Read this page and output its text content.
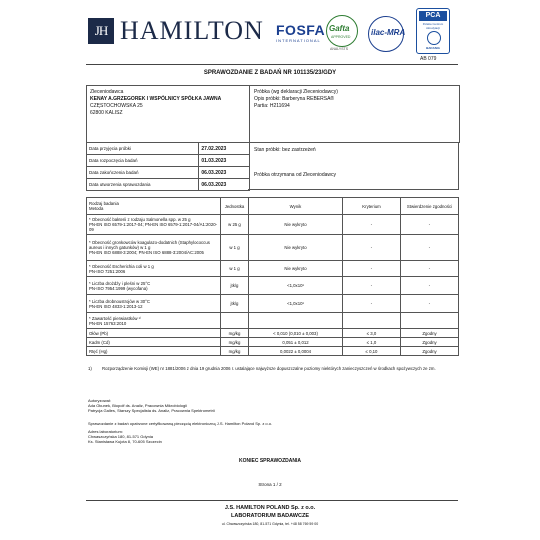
JH HAMILTON FOSFA
INTERNATIONAL
Gafta
APPROVED
ANALYSTS
ilac-MRA
PCA
Polskie Centrum Akredytacji
BADANIA
AB 079
SPRAWOZDANIE Z BADAŃ NR 101135/23/GDY
Zleceniodawca
KENAY A.GRZEGOREK I WSPÓLNICY SPÓŁKA JAWNA
CZĘSTOCHOWSKA 25
62800 KALISZ
Próbka (wg deklaracji Zleceniodawcy)
Opis próbki: Barberyna REBERSA®
Partia: H211694
Data przyjęcia próbki	27.02.2023
Data rozpoczęcia badań	01.03.2023
Data zakończenia badań	06.03.2023
Data utworzenia sprawozdania	06.03.2023
Stan próbki: bez zastrzeżeń
Próbka otrzymana od Zleceniodawcy
Rodzaj badania
Metoda	Jednostka	Wynik	Kryterium	Stwierdzenie zgodności
* Obecność bakterii z rodzaju Salmonella spp. w 25 g
PN-EN ISO 6579-1:2017-04; PN-EN ISO 6579-1:2017-04/A1:2020-09	w 25 g	Nie wykryto	-	-
* Obecność gronkowców koagulazo-dodatnich (Staphylococcus aureus i innych gatunków) w 1 g
PN-EN ISO 6888-3:2004; PN-EN ISO 6888-3:2004/AC:2005	w 1 g	Nie wykryto	-	-
* Obecność Escherichia coli w 1 g
PN-ISO 7251:2006	w 1 g	Nie wykryto	-	-
* Liczba drożdży i pleśni w 25°C
PN-ISO 7954:1999 (wycofana)	jtk/g	<1,0x10¹	-	-
* Liczba drobnoustrojów w 30°C
PN-EN ISO 4833-1:2013-12	jtk/g	<1,0x10¹	-	-
* Zawartość pierwiastków ¹⁾
PN-EN 15763:2010				
Ołów (Pb)	mg/kg	< 0,010 (0,010 ± 0,003)	≤ 3,0	Zgodny
Kadm (Cd)	mg/kg	0,051 ± 0,012	≤ 1,0	Zgodny
Rtęć (Hg)	mg/kg	0,0022 ± 0,0004	≤ 0,10	Zgodny
1) Rozporządzenie Komisji (WE) nr 1881/2006 z dnia 19 grudnia 2006 r. ustalające najwyższe dopuszczalne poziomy niektórych zanieczyszczeń w środkach spożywczych ze zm.
Autoryzował:
Ada Okunek, Biopolf ds. Analiz, Pracownia Mikrobiologii
Patrycja Galles, Starszy Specjalista ds. Analiz, Pracownia Spektrometrii
Sprawozdanie z badań opatrzone certyfikowaną pieczęcią elektroniczną J.S. Hamilton Poland Sp. z o.o.
Adres laboratorium:
Chwaszczyńska 180, 81-571 Gdynia
Ks. Stanisława Kujota 8, 70-605 Szczecin
KONIEC SPRAWOZDANIA
Strona 1 / 2
J.S. HAMILTON POLAND Sp. z o.o.
LABORATORIUM BADAWCZE
ul. Chwaszczyńska 180, 81-571 Gdynia, tel. +48 58 769 59 00
